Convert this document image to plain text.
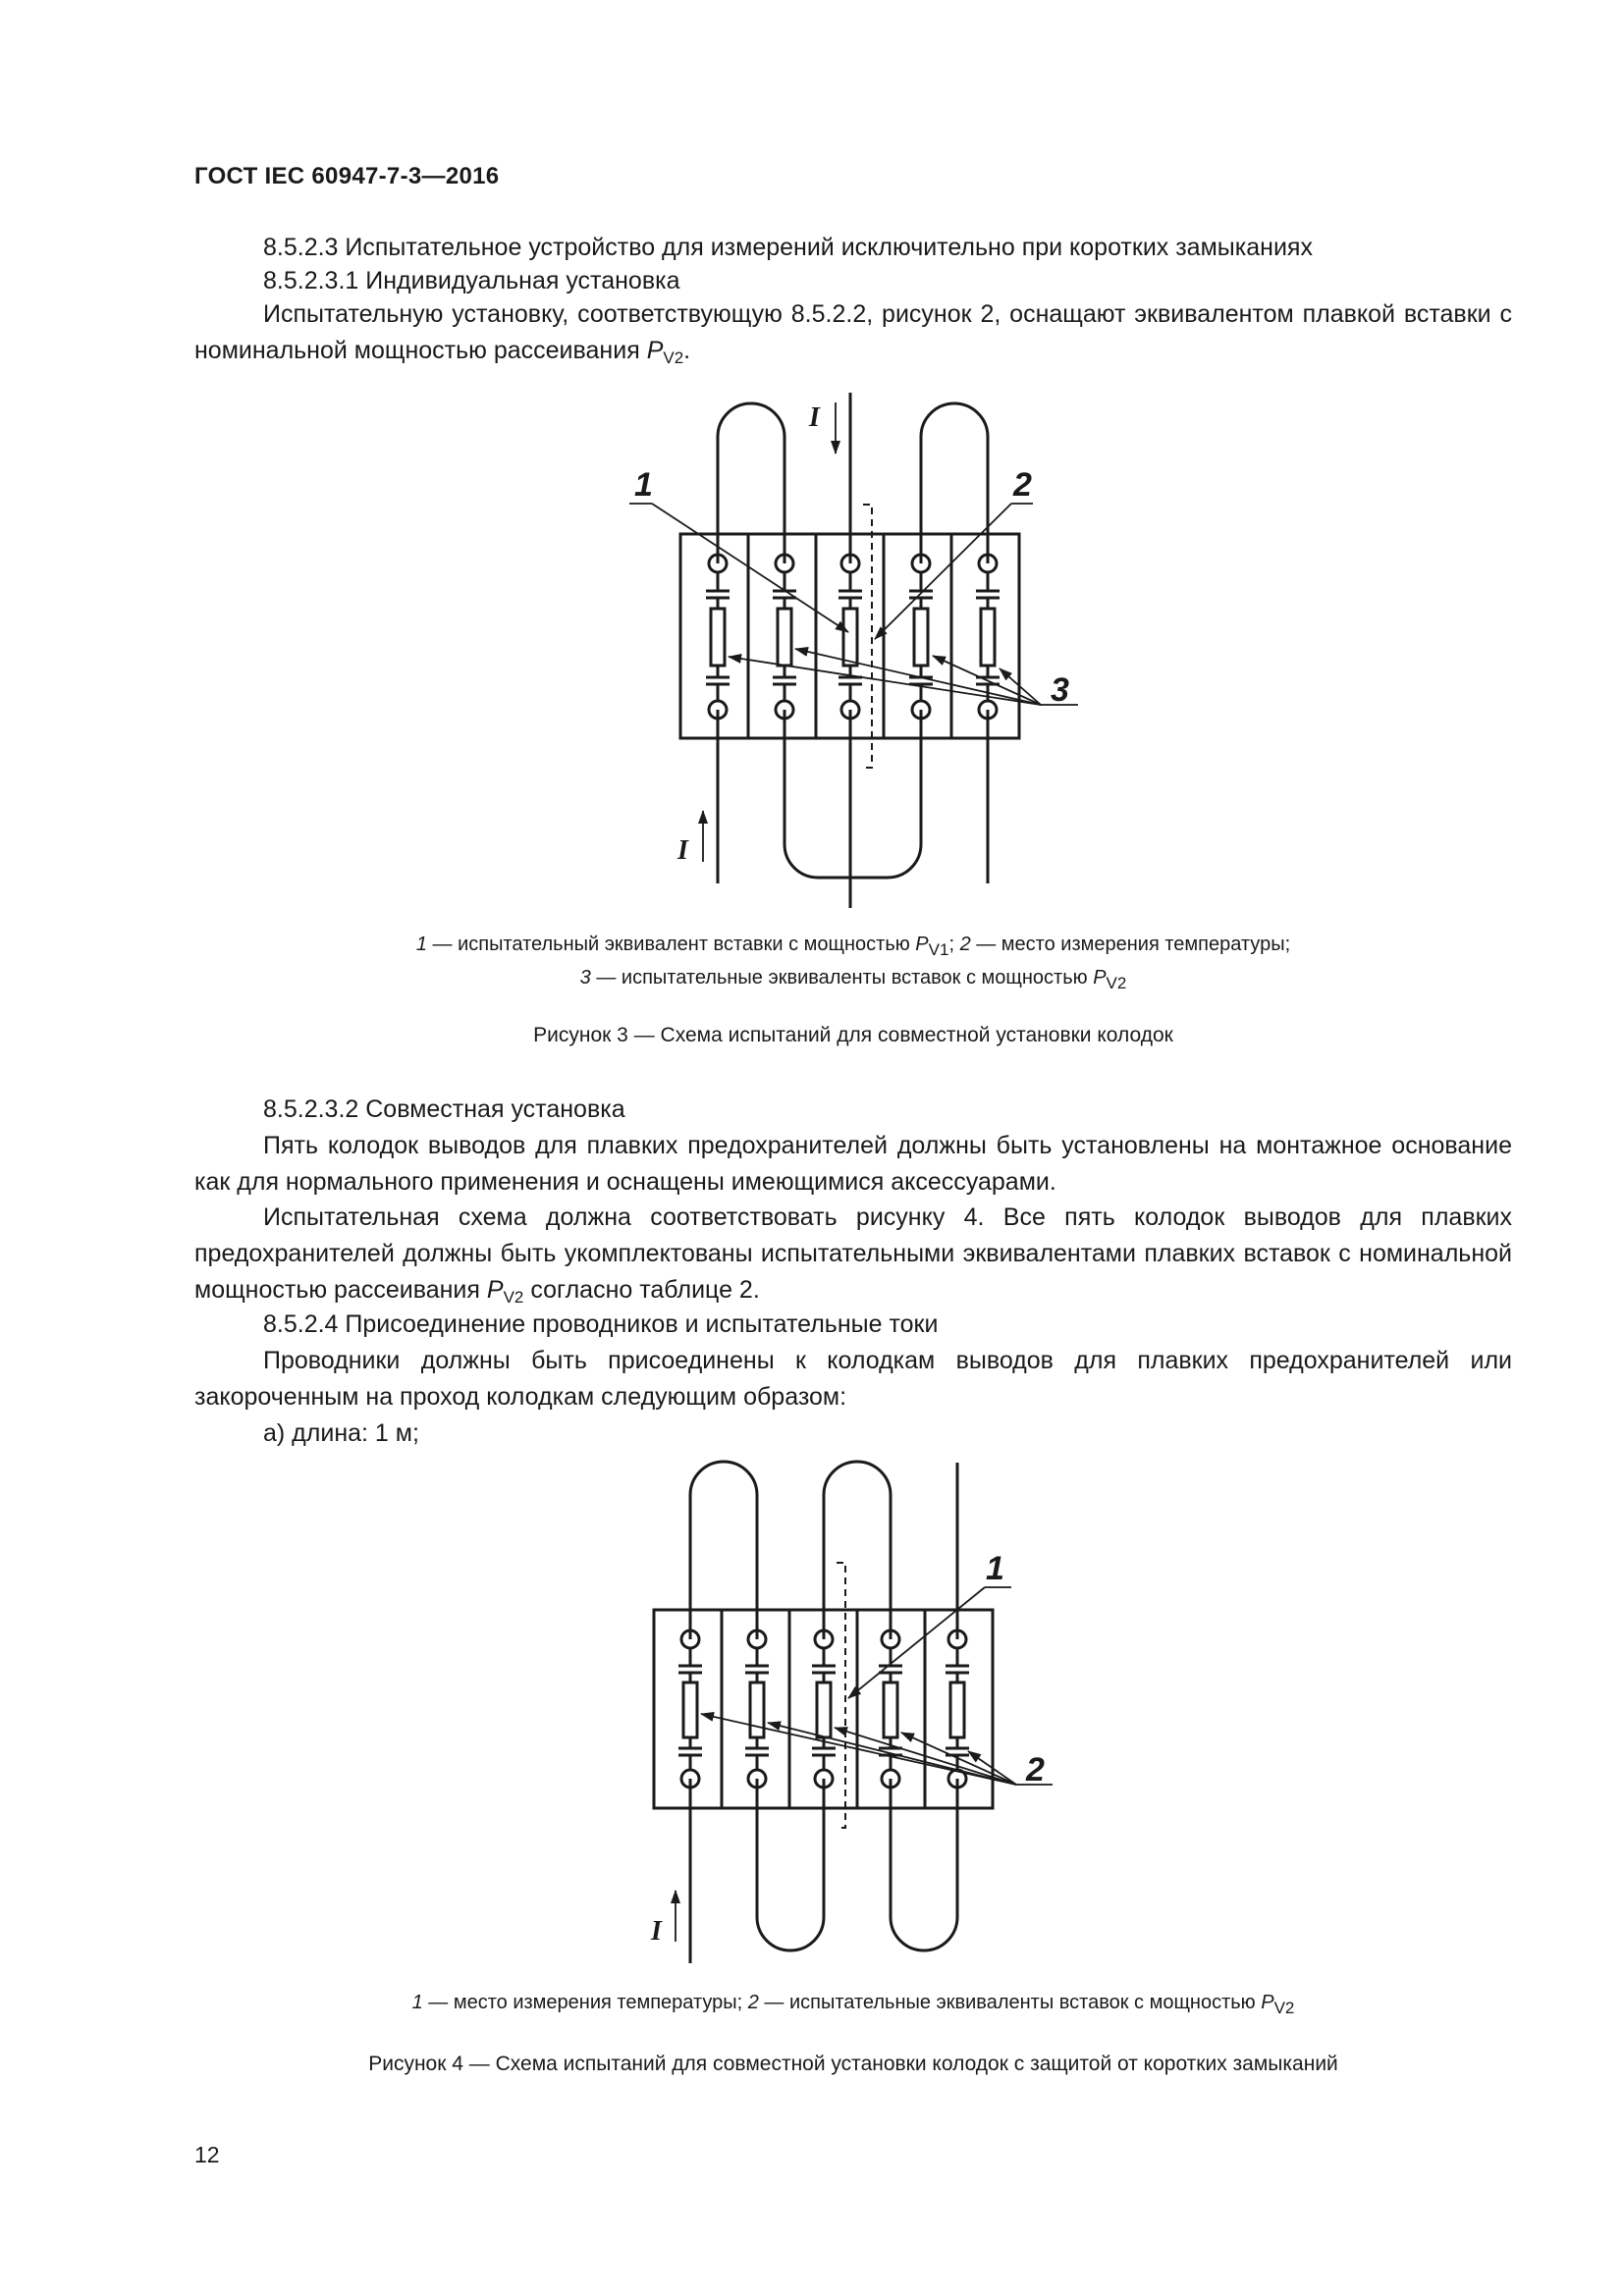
ГОСТ IEC 60947-7-3—2016

8.5.2.3 Испытательное устройство для измерений исключительно при коротких замыканиях

8.5.2.3.1 Индивидуальная установка

Испытательную установку, соответствующую 8.5.2.2, рисунок 2, оснащают эквивалентом плавкой вставки с номинальной мощностью рассеивания $P_{V2}$.

I
I
1	2
3
I
1
2

1 — испытательный эквивалент вставки с мощностью $P_{V1}$; 2 — место измерения температуры;

3 — испытательные эквиваленты вставок с мощностью $P_{V2}$

Рисунок 3 — Схема испытаний для совместной установки колодок

8.5.2.3.2 Совместная установка

Пять колодок выводов для плавких предохранителей должны быть установлены на монтажное основание как для нормального применения и оснащены имеющимися аксессуарами.

Испытательная схема должна соответствовать рисунку 4. Все пять колодок выводов для плавких предохранителей должны быть укомплектованы испытательными эквивалентами плавких вставок с номинальной мощностью рассеивания $P_{V2}$ согласно таблице 2.

8.5.2.4 Присоединение проводников и испытательные токи

Проводники должны быть присоединены к колодкам выводов для плавких предохранителей или закороченным на проход колодкам следующим образом:

а) длина: 1 м;

1 — место измерения температуры; 2 — испытательные эквиваленты вставок с мощностью $P_{V2}$

Рисунок 4 — Схема испытаний для совместной установки колодок с защитой от коротких замыканий

12
